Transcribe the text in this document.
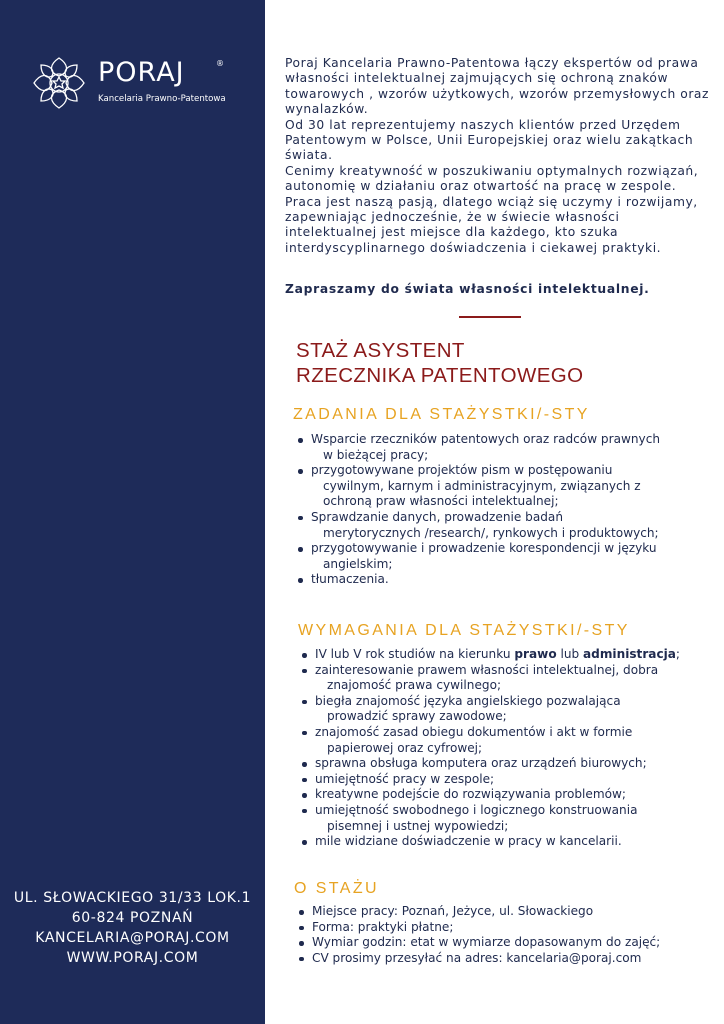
PORAJ	®
Kancelaria Prawno-Patentowa
UL. SŁOWACKIEGO 31/33 LOK.1
60-824 POZNAŃ
KANCELARIA@PORAJ.COM
WWW.PORAJ.COM

Poraj Kancelaria Prawno-Patentowa łączy ekspertów od prawa własności intelektualnej zajmujących się ochroną znaków towarowych , wzorów użytkowych, wzorów przemysłowych oraz wynalazków.

Od 30 lat reprezentujemy naszych klientów przed Urzędem Patentowym w Polsce, Unii Europejskiej oraz wielu zakątkach świata.

Cenimy kreatywność w poszukiwaniu optymalnych rozwiązań, autonomię w działaniu oraz otwartość na pracę w zespole.

Praca jest naszą pasją, dlatego wciąż się uczymy i rozwijamy, zapewniając jednocześnie, że w świecie własności intelektualnej jest miejsce dla każdego, kto szuka interdyscyplinarnego doświadczenia i ciekawej praktyki.

Zapraszamy do świata własności intelektualnej.
STAŻ ASYSTENT
RZECZNIKA PATENTOWEGO
ZADANIA DLA STAŻYSTKI/-STY
Wsparcie rzeczników patentowych oraz radców prawnych
w bieżącej pracy;
przygotowywane projektów pism w postępowaniu
cywilnym, karnym i administracyjnym, związanych z
ochroną praw własności intelektualnej;
Sprawdzanie danych, prowadzenie badań
merytorycznych /research/, rynkowych i produktowych;
przygotowywanie i prowadzenie korespondencji w języku
angielskim;
tłumaczenia.
WYMAGANIA DLA STAŻYSTKI/-STY
IV lub V rok studiów na kierunku prawo lub administracja;
zainteresowanie prawem własności intelektualnej, dobra
znajomość prawa cywilnego;
biegła znajomość języka angielskiego pozwalająca
prowadzić sprawy zawodowe;
znajomość zasad obiegu dokumentów i akt w formie
papierowej oraz cyfrowej;
sprawna obsługa komputera oraz urządzeń biurowych;
umiejętność pracy w zespole;
kreatywne podejście do rozwiązywania problemów;
umiejętność swobodnego i logicznego konstruowania
pisemnej i ustnej wypowiedzi;
mile widziane doświadczenie w pracy w kancelarii.
O STAŻU
Miejsce pracy: Poznań, Jeżyce, ul. Słowackiego
Forma: praktyki płatne;
Wymiar godzin: etat w wymiarze dopasowanym do zajęć;
CV prosimy przesyłać na adres: kancelaria@poraj.com
